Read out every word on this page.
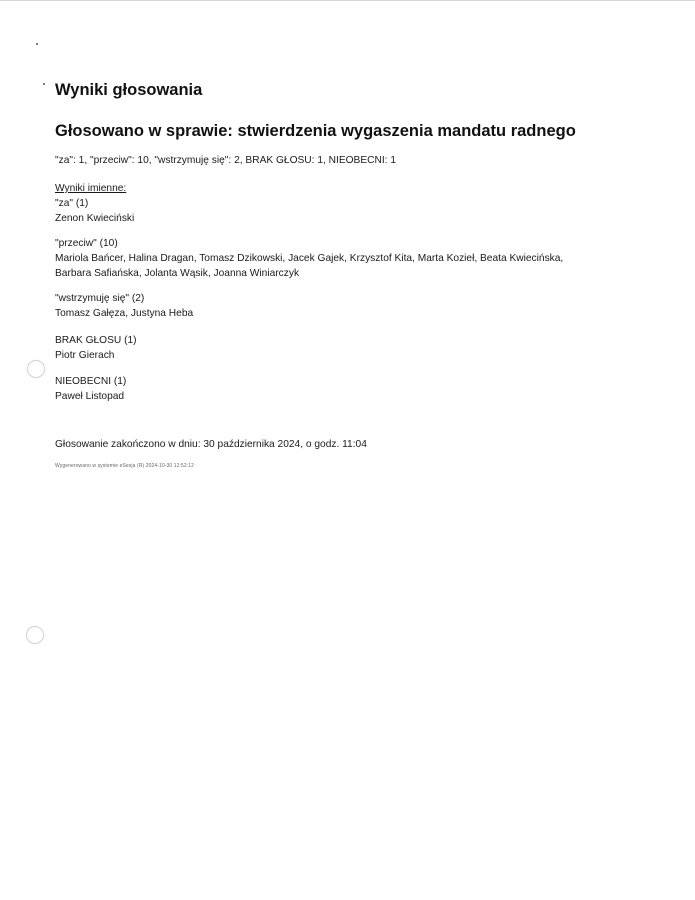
Wyniki głosowania
Głosowano w sprawie: stwierdzenia wygaszenia mandatu radnego
"za": 1, "przeciw": 10, "wstrzymuję się": 2, BRAK GŁOSU: 1, NIEOBECNI: 1
Wyniki imienne:
"za" (1)
Zenon Kwieciński
"przeciw" (10)
Mariola Bańcer, Halina Dragan, Tomasz Dzikowski, Jacek Gajek, Krzysztof Kita, Marta Kozieł, Beata Kwiecińska, Barbara Safiańska, Jolanta Wąsik, Joanna Winiarczyk
"wstrzymuję się" (2)
Tomasz Gałęza, Justyna Heba
BRAK GŁOSU (1)
Piotr Gierach
NIEOBECNI (1)
Paweł Listopad
Głosowanie zakończono w dniu: 30 października 2024, o godz. 11:04
Wygenerowano w systemie eSesja (R) 2024-10-30 12:52:12
